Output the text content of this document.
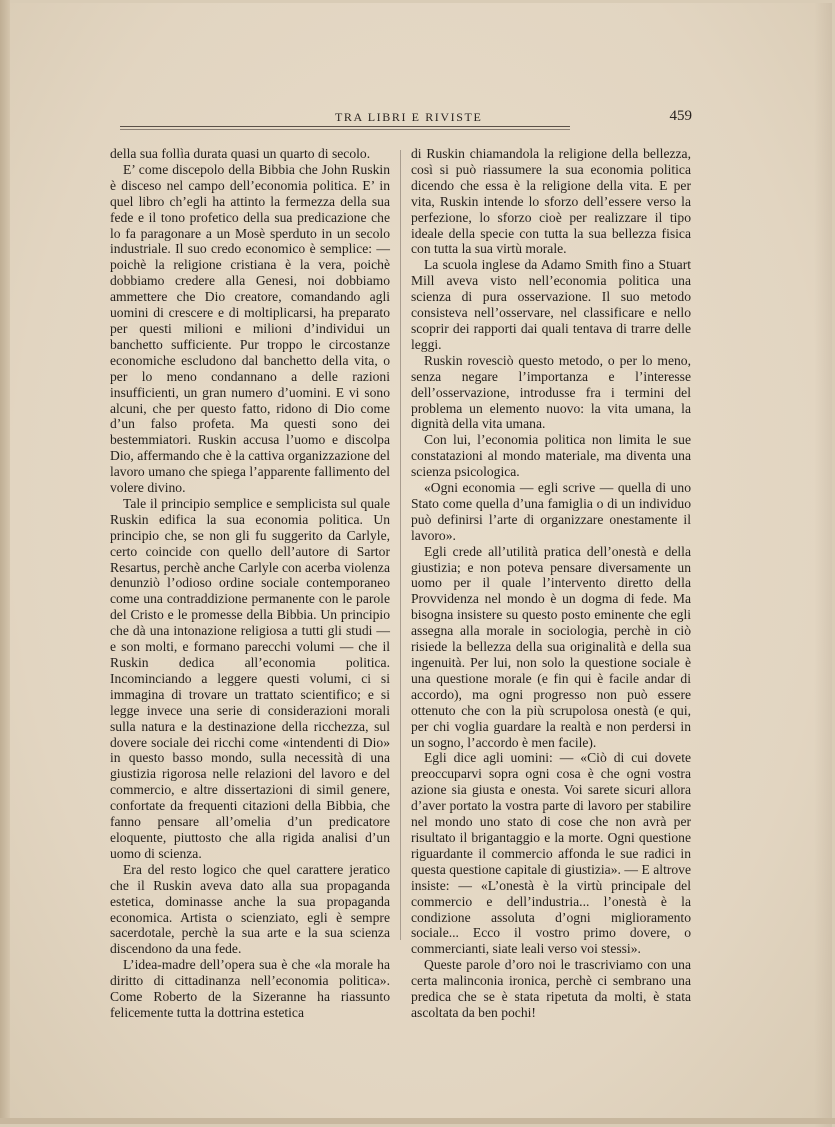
TRA LIBRI E RIVISTE	459

della sua follìa durata quasi un quarto di secolo.

E’ come discepolo della Bibbia che John Ruskin è disceso nel campo dell’economia politica. E’ in quel libro ch’egli ha attinto la fermezza della sua fede e il tono profetico della sua predicazione che lo fa paragonare a un Mosè sperduto in un secolo industriale. Il suo credo economico è semplice: — poichè la religione cristiana è la vera, poichè dobbiamo credere alla Genesi, noi dobbiamo ammettere che Dio creatore, comandando agli uomini di crescere e di moltiplicarsi, ha preparato per questi milioni e milioni d’individui un banchetto sufficiente. Pur troppo le circostanze economiche escludono dal banchetto della vita, o per lo meno condannano a delle razioni insufficienti, un gran numero d’uomini. E vi sono alcuni, che per questo fatto, ridono di Dio come d’un falso profeta. Ma questi sono dei bestemmiatori. Ruskin accusa l’uomo e discolpa Dio, affermando che è la cattiva organizzazione del lavoro umano che spiega l’apparente fallimento del volere divino.

Tale il principio semplice e semplicista sul quale Ruskin edifica la sua economia politica. Un principio che, se non gli fu suggerito da Carlyle, certo coincide con quello dell’autore di Sartor Resartus, perchè anche Carlyle con acerba violenza denunziò l’odioso ordine sociale contemporaneo come una contraddizione permanente con le parole del Cristo e le promesse della Bibbia. Un principio che dà una intonazione religiosa a tutti gli studi — e son molti, e formano parecchi volumi — che il Ruskin dedica all’economia politica. Incominciando a leggere questi volumi, ci si immagina di trovare un trattato scientifico; e si legge invece una serie di considerazioni morali sulla natura e la destinazione della ricchezza, sul dovere sociale dei ricchi come «intendenti di Dio» in questo basso mondo, sulla necessità di una giustizia rigorosa nelle relazioni del lavoro e del commercio, e altre dissertazioni di simil genere, confortate da frequenti citazioni della Bibbia, che fanno pensare all’omelia d’un predicatore eloquente, piuttosto che alla rigida analisi d’un uomo di scienza.

Era del resto logico che quel carattere jeratico che il Ruskin aveva dato alla sua propaganda estetica, dominasse anche la sua propaganda economica. Artista o scienziato, egli è sempre sacerdotale, perchè la sua arte e la sua scienza discendono da una fede.

L’idea-madre dell’opera sua è che «la morale ha diritto di cittadinanza nell’economia politica». Come Roberto de la Sizeranne ha riassunto felicemente tutta la dottrina estetica

di Ruskin chiamandola la religione della bellezza, così si può riassumere la sua economia politica dicendo che essa è la religione della vita. E per vita, Ruskin intende lo sforzo dell’essere verso la perfezione, lo sforzo cioè per realizzare il tipo ideale della specie con tutta la sua bellezza fisica con tutta la sua virtù morale.

La scuola inglese da Adamo Smith fino a Stuart Mill aveva visto nell’economia politica una scienza di pura osservazione. Il suo metodo consisteva nell’osservare, nel classificare e nello scoprir dei rapporti dai quali tentava di trarre delle leggi.

Ruskin rovesciò questo metodo, o per lo meno, senza negare l’importanza e l’interesse dell’osservazione, introdusse fra i termini del problema un elemento nuovo: la vita umana, la dignità della vita umana.

Con lui, l’economia politica non limita le sue constatazioni al mondo materiale, ma diventa una scienza psicologica.

«Ogni economia — egli scrive — quella di uno Stato come quella d’una famiglia o di un individuo può definirsi l’arte di organizzare onestamente il lavoro».

Egli crede all’utilità pratica dell’onestà e della giustizia; e non poteva pensare diversamente un uomo per il quale l’intervento diretto della Provvidenza nel mondo è un dogma di fede. Ma bisogna insistere su questo posto eminente che egli assegna alla morale in sociologia, perchè in ciò risiede la bellezza della sua originalità e della sua ingenuità. Per lui, non solo la questione sociale è una questione morale (e fin qui è facile andar di accordo), ma ogni progresso non può essere ottenuto che con la più scrupolosa onestà (e qui, per chi voglia guardare la realtà e non perdersi in un sogno, l’accordo è men facile).

Egli dice agli uomini: — «Ciò di cui dovete preoccuparvi sopra ogni cosa è che ogni vostra azione sia giusta e onesta. Voi sarete sicuri allora d’aver portato la vostra parte di lavoro per stabilire nel mondo uno stato di cose che non avrà per risultato il brigantaggio e la morte. Ogni questione riguardante il commercio affonda le sue radici in questa questione capitale di giustizia». — E altrove insiste: — «L’onestà è la virtù principale del commercio e dell’industria... l’onestà è la condizione assoluta d’ogni miglioramento sociale... Ecco il vostro primo dovere, o commercianti, siate leali verso voi stessi».

Queste parole d’oro noi le trascriviamo con una certa malinconia ironica, perchè ci sembrano una predica che se è stata ripetuta da molti, è stata ascoltata da ben pochi!
